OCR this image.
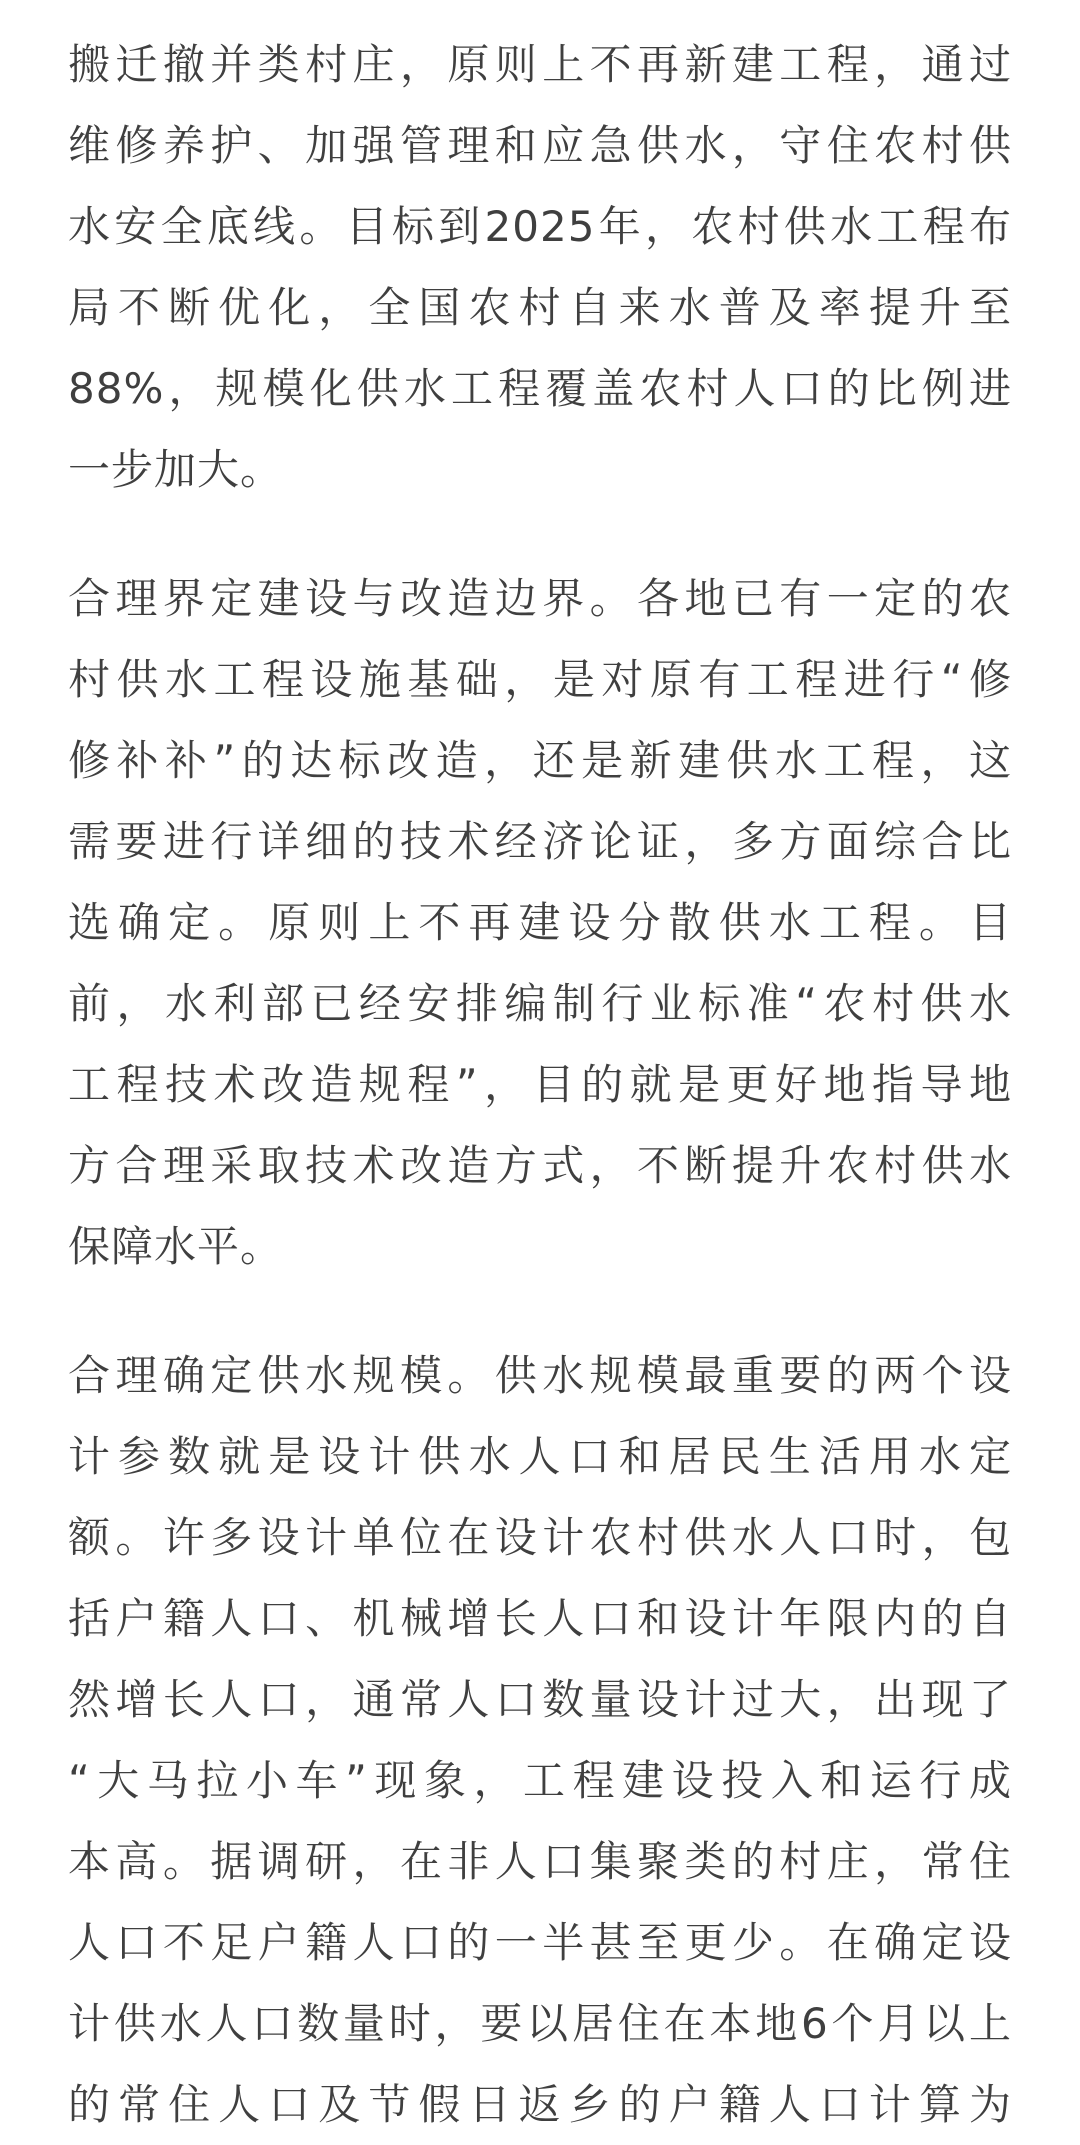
搬迁撤并类村庄，原则上不再新建工程，通过
维修养护、加强管理和应急供水，守住农村供
水安全底线。目标到2025年，农村供水工程布
局不断优化，全国农村自来水普及率提升至
88%，规模化供水工程覆盖农村人口的比例进
一步加大。
合理界定建设与改造边界。各地已有一定的农
村供水工程设施基础，是对原有工程进行“修
修补补”的达标改造，还是新建供水工程，这
需要进行详细的技术经济论证，多方面综合比
选确定。原则上不再建设分散供水工程。目
前，水利部已经安排编制行业标准“农村供水
工程技术改造规程”，目的就是更好地指导地
方合理采取技术改造方式，不断提升农村供水
保障水平。
合理确定供水规模。供水规模最重要的两个设
计参数就是设计供水人口和居民生活用水定
额。许多设计单位在设计农村供水人口时，包
括户籍人口、机械增长人口和设计年限内的自
然增长人口，通常人口数量设计过大，出现了
“大马拉小车”现象，工程建设投入和运行成
本高。据调研，在非人口集聚类的村庄，常住
人口不足户籍人口的一半甚至更少。在确定设
计供水人口数量时，要以居住在本地6个月以上
的常住人口及节假日返乡的户籍人口计算为
